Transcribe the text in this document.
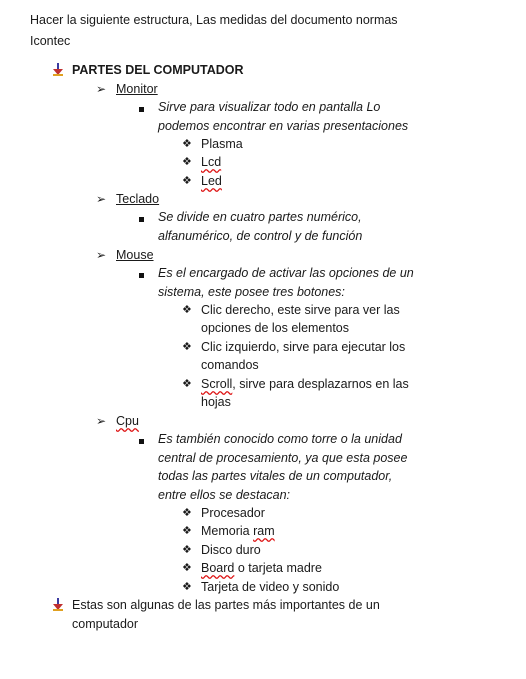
Hacer la siguiente estructura, Las medidas del documento normas
Icontec
PARTES DEL COMPUTADOR
➢ Monitor
Sirve para visualizar todo en pantalla Lo
podemos encontrar en varias presentaciones
❖ Plasma
❖ Lcd
❖ Led
➢ Teclado
Se divide en cuatro partes numérico,
alfanumérico, de control y de función
➢ Mouse
Es el encargado de activar las opciones de un
sistema, este posee tres botones:
❖ Clic derecho, este sirve para ver las
opciones de los elementos
❖ Clic izquierdo, sirve para ejecutar los
comandos
❖ Scroll, sirve para desplazarnos en las
hojas
➢ Cpu
Es también conocido como torre o la unidad
central de procesamiento, ya que esta posee
todas las partes vitales de un computador,
entre ellos se destacan:
❖ Procesador
❖ Memoria ram
❖ Disco duro
❖ Board o tarjeta madre
❖ Tarjeta de video y sonido
Estas son algunas de las partes más importantes de un
computador
